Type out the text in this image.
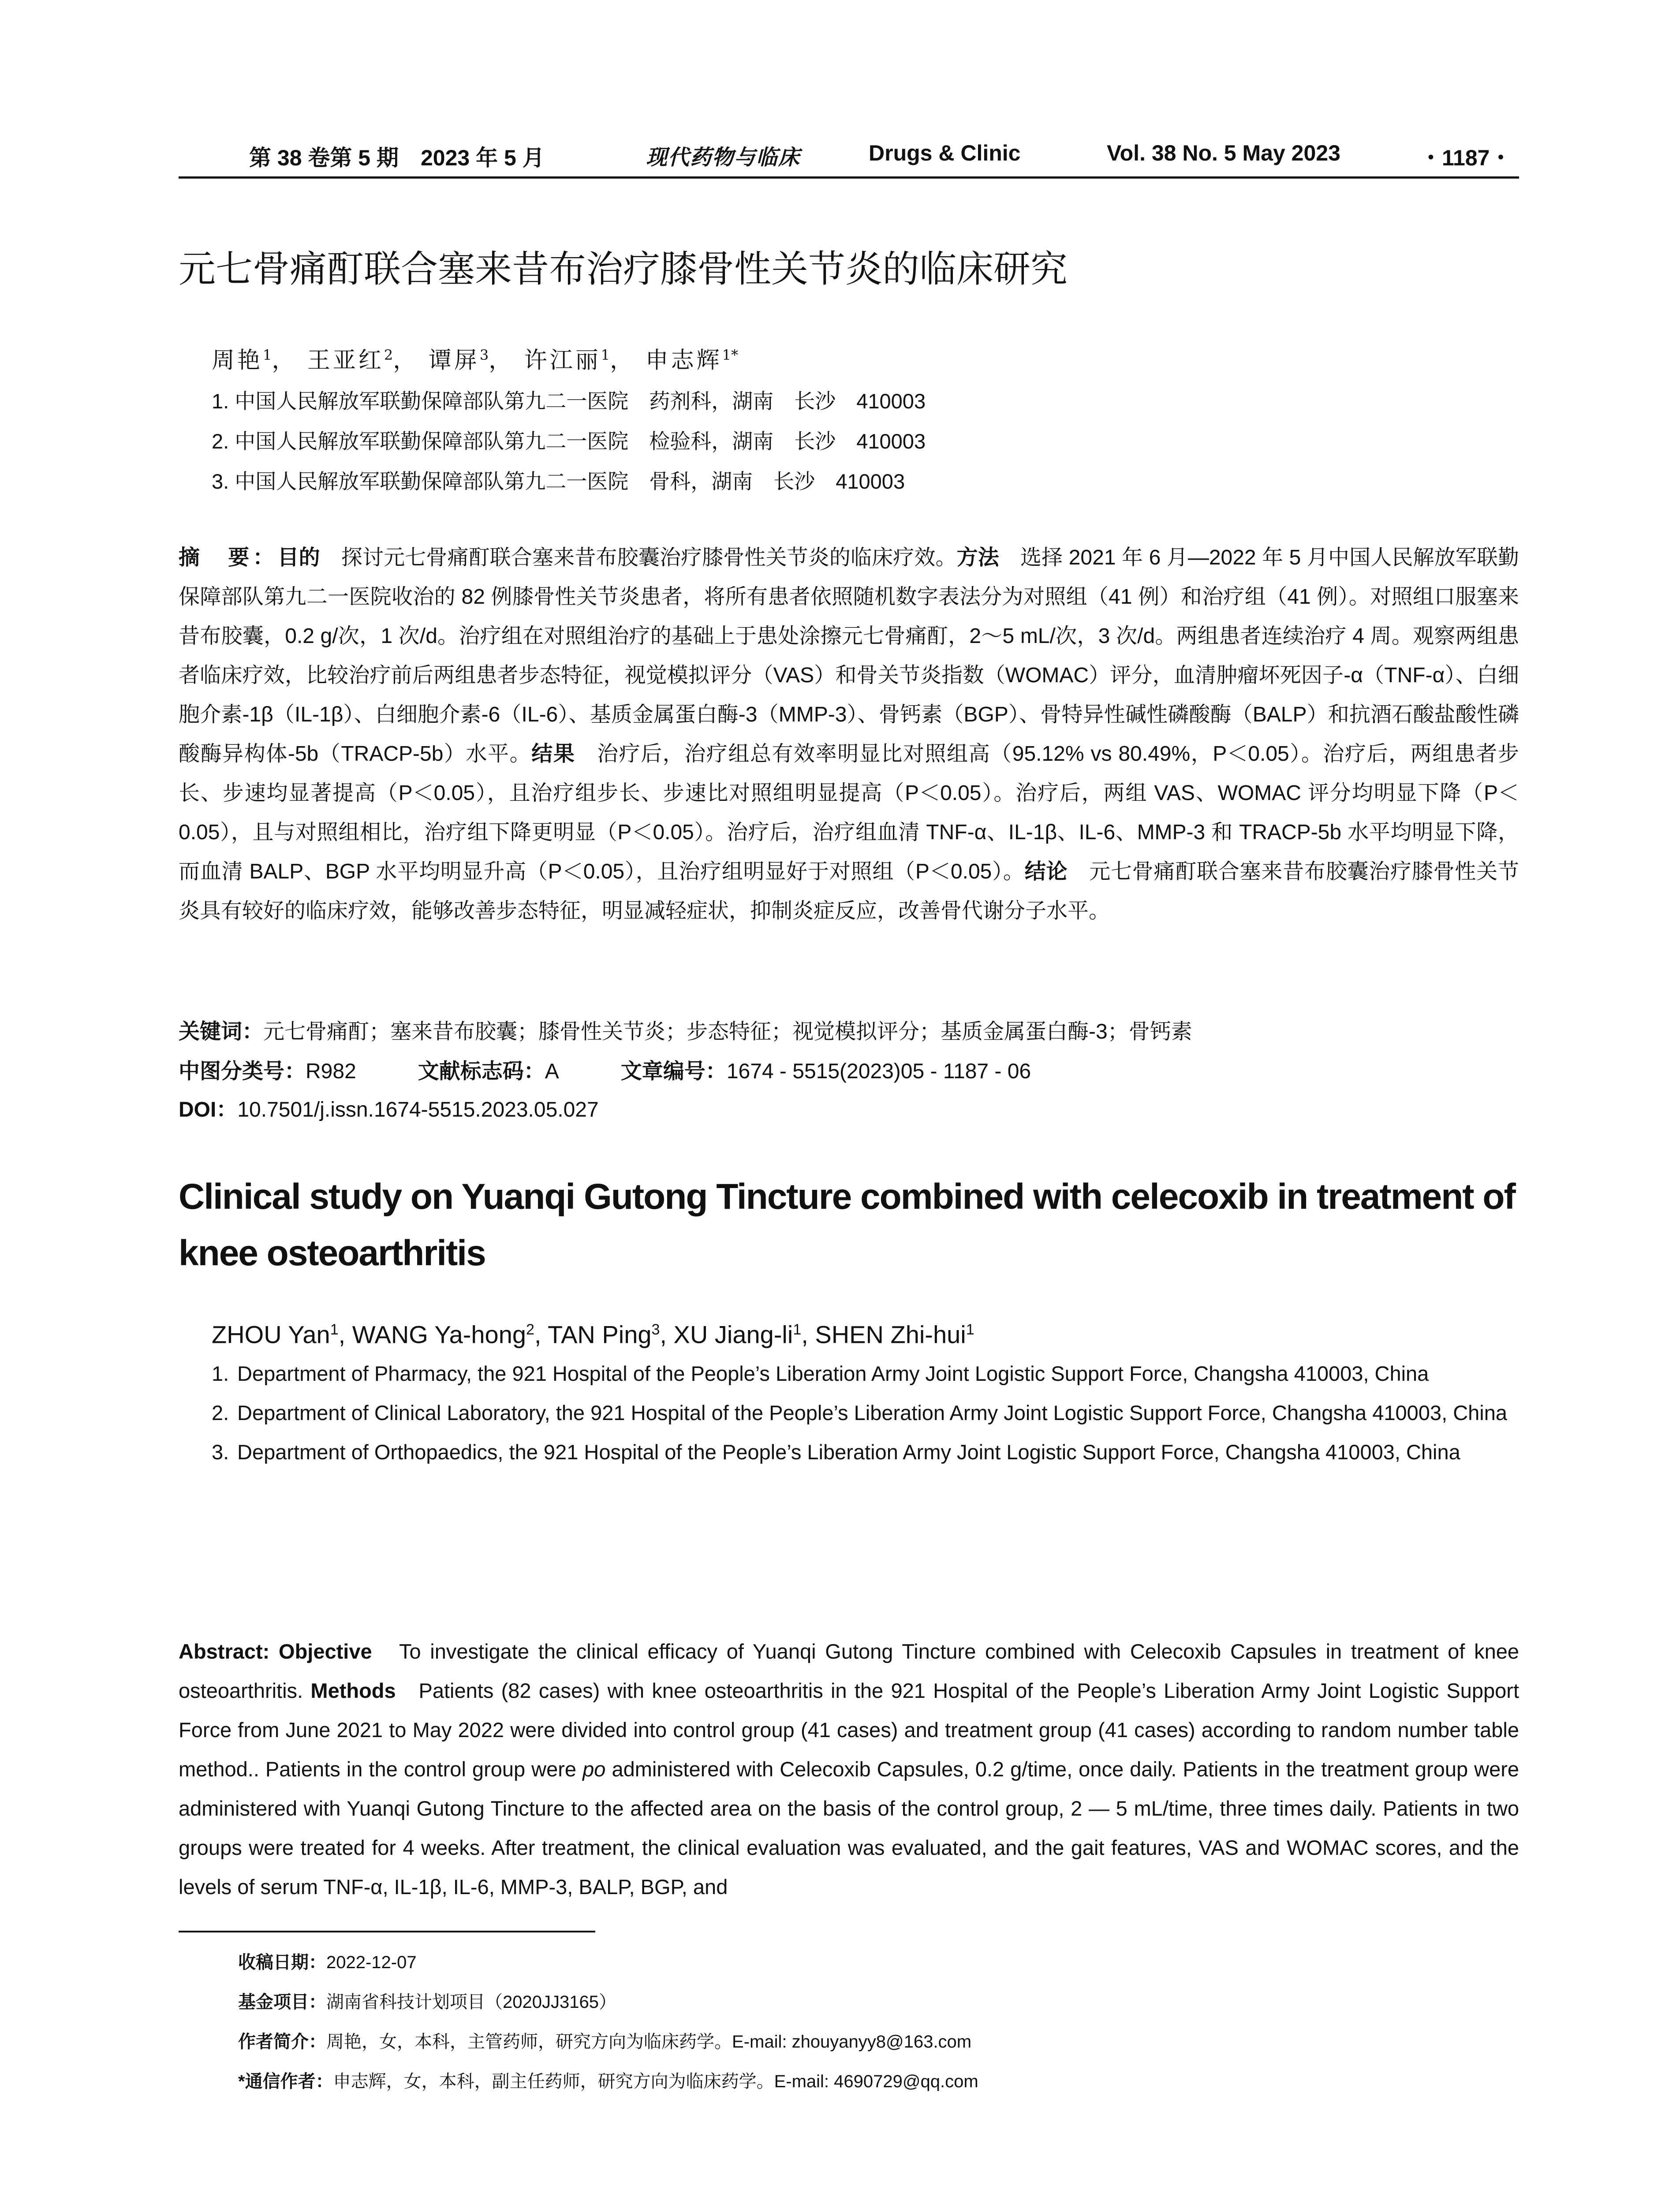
第 38 卷第 5 期　2023 年 5 月	现代药物与临床	Drugs & Clinic	Vol. 38 No. 5 May 2023	・1187・
元七骨痛酊联合塞来昔布治疗膝骨性关节炎的临床研究
周艳$^1$， 王亚红$^2$， 谭屏$^3$， 许江丽$^1$， 申志辉$^{1*}$
1. 中国人民解放军联勤保障部队第九二一医院　药剂科，湖南　长沙　410003
2. 中国人民解放军联勤保障部队第九二一医院　检验科，湖南　长沙　410003
3. 中国人民解放军联勤保障部队第九二一医院　骨科，湖南　长沙　410003
摘　要：目的　 探讨元七骨痛酊联合塞来昔布胶囊治疗膝骨性关节炎的临床疗效。方法　 选择 2021 年 6 月—2022 年 5 月中国人民解放军联勤保障部队第九二一医院收治的 82 例膝骨性关节炎患者，将所有患者依照随机数字表法分为对照组（41 例）和治疗组（41 例）。对照组口服塞来昔布胶囊，0.2 g/次，1 次/d。治疗组在对照组治疗的基础上于患处涂擦元七骨痛酊，2～5 mL/次，3 次/d。两组患者连续治疗 4 周。观察两组患者临床疗效，比较治疗前后两组患者步态特征，视觉模拟评分（VAS）和骨关节炎指数（WOMAC）评分，血清肿瘤坏死因子-α（TNF-α）、白细胞介素-1β（IL-1β）、白细胞介素-6（IL-6）、基质金属蛋白酶-3（MMP-3）、骨钙素（BGP）、骨特异性碱性磷酸酶（BALP）和抗酒石酸盐酸性磷酸酶异构体-5b（TRACP-5b）水平。结果　 治疗后，治疗组总有效率明显比对照组高（95.12% vs 80.49%，P＜0.05）。治疗后，两组患者步长、步速均显著提高（P＜0.05），且治疗组步长、步速比对照组明显提高（P＜0.05）。治疗后，两组 VAS、WOMAC 评分均明显下降（P＜0.05），且与对照组相比，治疗组下降更明显（P＜0.05）。治疗后，治疗组血清 TNF-α、IL-1β、IL-6、MMP-3 和 TRACP-5b 水平均明显下降，而血清 BALP、BGP 水平均明显升高（P＜0.05），且治疗组明显好于对照组（P＜0.05）。结论　 元七骨痛酊联合塞来昔布胶囊治疗膝骨性关节炎具有较好的临床疗效，能够改善步态特征，明显减轻症状，抑制炎症反应，改善骨代谢分子水平。
关键词：元七骨痛酊；塞来昔布胶囊；膝骨性关节炎；步态特征；视觉模拟评分；基质金属蛋白酶-3；骨钙素
中图分类号：R982	文献标志码：A	文章编号：1674 - 5515(2023)05 - 1187 - 06
DOI：10.7501/j.issn.1674-5515.2023.05.027
Clinical study on Yuanqi Gutong Tincture combined with celecoxib in treatment of knee osteoarthritis
ZHOU Yan$^1$, WANG Ya-hong$^2$, TAN Ping$^3$, XU Jiang-$li^1$, SHEN Zhi-hui$^1$
1. Department of Pharmacy, the 921 Hospital of the People’s Liberation Army Joint Logistic Support Force, Changsha 410003, China
2. Department of Clinical Laboratory, the 921 Hospital of the People’s Liberation Army Joint Logistic Support Force, Changsha 410003, China
3. Department of Orthopaedics, the 921 Hospital of the People’s Liberation Army Joint Logistic Support Force, Changsha 410003, China
Abstract: Objective To investigate the clinical efficacy of Yuanqi Gutong Tincture combined with Celecoxib Capsules in treatment of knee osteoarthritis. Methods Patients (82 cases) with knee osteoarthritis in the 921 Hospital of the People’s Liberation Army Joint Logistic Support Force from June 2021 to May 2022 were divided into control group (41 cases) and treatment group (41 cases) according to random number table method.. Patients in the control group were po administered with Celecoxib Capsules, 0.2 g/time, once daily. Patients in the treatment group were administered with Yuanqi Gutong Tincture to the affected area on the basis of the control group, 2 — 5 mL/time, three times daily. Patients in two groups were treated for 4 weeks. After treatment, the clinical evaluation was evaluated, and the gait features, VAS and WOMAC scores, and the levels of serum TNF-α, IL-1β, IL-6, MMP-3, BALP, BGP, and
收稿日期：2022-12-07
基金项目：湖南省科技计划项目（2020JJ3165）
作者简介：周艳，女，本科，主管药师，研究方向为临床药学。E-mail: zhouyanyy8@163.com
*通信作者：申志辉，女，本科，副主任药师，研究方向为临床药学。E-mail: 4690729@qq.com
